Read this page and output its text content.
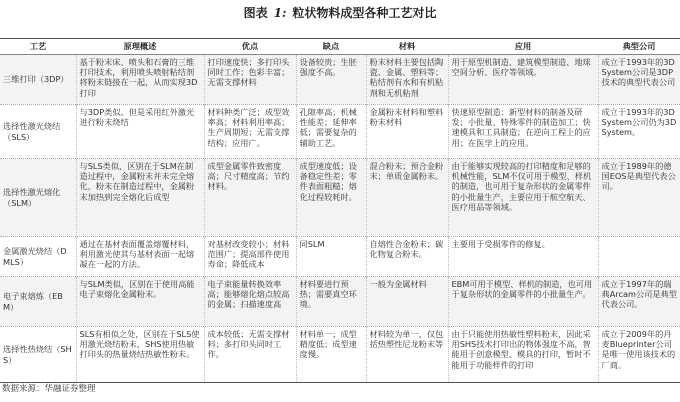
图表 1: 粒状物料成型各种工艺对比
工艺	原理概述	优点	缺点	材料	应用	典型公司
三维打印（3DP）	基于粉末床、喷头和石膏的三维打印技术，利用喷头喷射粘结剂将粉末链接在一起，从而实现3D打印	打印速度快；多打印头同时工作；色彩丰富；无需支撑材料	设备较贵；生胚强度不高。	粉末材料主要包括陶瓷、金属、塑料等；粘结剂有水和有机粘剂和无机粘剂	用于原型机制造、建筑模型制造、地球空间分析、医疗等领域。	成立于1993年的3D System公司是3DP技术的典型代表公司
选择性激光烧结（SLS）	与3DP类似。但是采用红外激光进行粉末烧结	材料种类广泛；成型效率高；材料利用率高；生产周期短；无需支撑结构；应用广。	孔隙率高；机械性能差；延伸率低；需要复杂的辅助工艺。	金属粉末材料和塑料粉末材料	快速原型制造：新型材料的制备及研发；小批量、特殊零件的制造加工；快速模具和工具制造；在逆向工程上的应用；在医学上的应用。	成立于1993年的3D System公司仍为3D System。
选择性激光熔化（SLM）	与SLS类似，区别在于SLM在制造过程中，金属粉末并未完全熔化，粉末在制造过程中，金属粉末加热到完全熔化后成型	成型金属零件致密度高；尺寸精度高；节约材料。	成型速度低；设备稳定性差；零件表面粗糙；熔化过程较耗时。	混合粉末；预合金粉末；单质金属粉末。	由于能够实现较高的打印精度和足够的机械性能，SLM不仅可用于模型、样机的制造，也可用于复杂形状的金属零件的小批量生产，主要应用于航空航天、医疗用品等领域。	成立于1989年的德国EOS是典型代表公司。
金属激光烧结（DMLS）	通过在基材表面覆盖熔覆材料，利用激光使其与基材表面一起熔凝在一起的方法。	对基材改变较小；材料范围广；提高部件使用寿命；降低成本	同SLM	自熔性合金粉末；碳化物复合粉末。	主要用于受损零件的修复。	
电子束熔炼（EBM）	与SLM类似，区别在于使用高能电子束熔化金属粉末。	电子束能量转换效率高；能够熔化熔点较高的金属；扫描速度高	材料要进行预热；需要真空环境。	一般为金属材料	EBM可用于模型、样机的制造，也可用于复杂形状的金属零件的小批量生产。	成立于1997年的瑞典Arcam公司是典型代表公司。
选择性热烧结（SHS）	SLS有相似之处，区别在于SLS使用激光烧结粉末，SHS使用热敏打印头的热量烧结热敏性粉末。	成本较低；无需支撑材料；多打印头同时工作。	材料单一；成型精度低；成型速度慢。	材料较为单一，仅包括热塑性尼龙粉末等	由于只能使用热敏性塑料粉末，因此采用SHS技术打印出的物体强度不高，智能用于创意模型、模具的打印，暂时不能用于功能样件的打印	成立于2009年的丹麦Blueprinter公司是唯一使用该技术的厂商。
数据来源：华融证券整理
